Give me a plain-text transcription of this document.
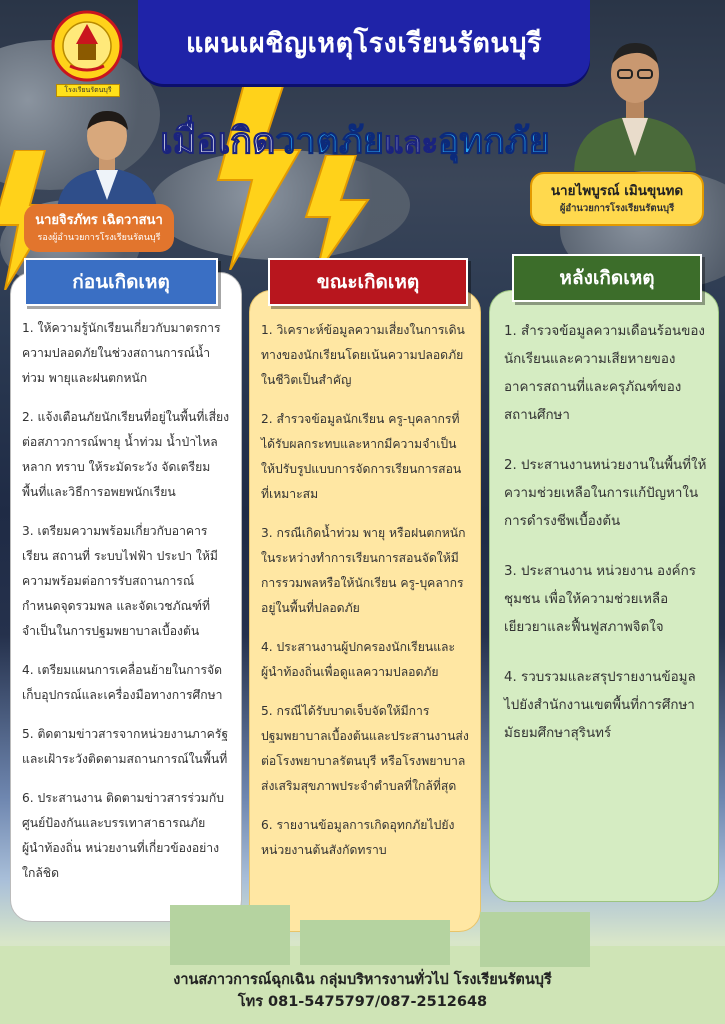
โรงเรียนรัตนบุรี
แผนเผชิญเหตุโรงเรียนรัตนบุรี
เมื่อเกิดวาตภัยและอุทกภัย
นายจิรภัทร เฉิดวาสนา
รองผู้อำนวยการโรงเรียนรัตนบุรี
นายไพบูรณ์ เมินขุนทด
ผู้อำนวยการโรงเรียนรัตนบุรี
ก่อนเกิดเหตุ

1. ให้ความรู้นักเรียนเกี่ยวกับมาตรการความปลอดภัยในช่วงสถานการณ์น้ำท่วม พายุและฝนตกหนัก

2. แจ้งเตือนภัยนักเรียนที่อยู่ในพื้นที่เสี่ยงต่อสภาวการณ์พายุ น้ำท่วม น้ำป่าไหลหลาก ทราบ ให้ระมัดระวัง จัดเตรียมพื้นที่และวิธีการอพยพนักเรียน

3. เตรียมความพร้อมเกี่ยวกับอาคารเรียน สถานที่ ระบบไฟฟ้า ประปา ให้มีความพร้อมต่อการรับสถานการณ์กำหนดจุดรวมพล และจัดเวชภัณฑ์ที่จำเป็นในการปฐมพยาบาลเบื้องต้น

4. เตรียมแผนการเคลื่อนย้ายในการจัดเก็บอุปกรณ์และเครื่องมือทางการศึกษา

5. ติดตามข่าวสารจากหน่วยงานภาครัฐและเฝ้าระวังติดตามสถานการณ์ในพื้นที่

6. ประสานงาน ติดตามข่าวสารร่วมกับศูนย์ป้องกันและบรรเทาสาธารณภัย ผู้นำท้องถิ่น หน่วยงานที่เกี่ยวข้องอย่างใกล้ชิด

ขณะเกิดเหตุ

1. วิเคราะห์ข้อมูลความเสี่ยงในการเดินทางของนักเรียนโดยเน้นความปลอดภัยในชีวิตเป็นสำคัญ

2. สำรวจข้อมูลนักเรียน ครู-บุคลากรที่ได้รับผลกระทบและหากมีความจำเป็นให้ปรับรูปแบบการจัดการเรียนการสอนที่เหมาะสม

3. กรณีเกิดน้ำท่วม พายุ หรือฝนตกหนักในระหว่างทำการเรียนการสอนจัดให้มีการรวมพลหรือให้นักเรียน ครู-บุคลากรอยู่ในพื้นที่ปลอดภัย

4. ประสานงานผู้ปกครองนักเรียนและผู้นำท้องถิ่นเพื่อดูแลความปลอดภัย

5. กรณีได้รับบาดเจ็บจัดให้มีการปฐมพยาบาลเบื้องต้นและประสานงานส่งต่อโรงพยาบาลรัตนบุรี หรือโรงพยาบาลส่งเสริมสุขภาพประจำตำบลที่ใกล้ที่สุด

6. รายงานข้อมูลการเกิดอุทกภัยไปยังหน่วยงานต้นสังกัดทราบ

หลังเกิดเหตุ

1. สำรวจข้อมูลความเดือนร้อนของนักเรียนและความเสียหายของอาคารสถานที่และครุภัณฑ์ของสถานศึกษา

2. ประสานงานหน่วยงานในพื้นที่ให้ความช่วยเหลือในการแก้ปัญหาในการดำรงชีพเบื้องต้น

3. ประสานงาน หน่วยงาน องค์กรชุมชน เพื่อให้ความช่วยเหลือเยียวยาและฟื้นฟูสภาพจิตใจ

4. รวบรวมและสรุปรายงานข้อมูลไปยังสำนักงานเขตพื้นที่การศึกษามัธยมศึกษาสุรินทร์

งานสภาวการณ์ฉุกเฉิน กลุ่มบริหารงานทั่วไป โรงเรียนรัตนบุรี
โทร 081-5475797/087-2512648
